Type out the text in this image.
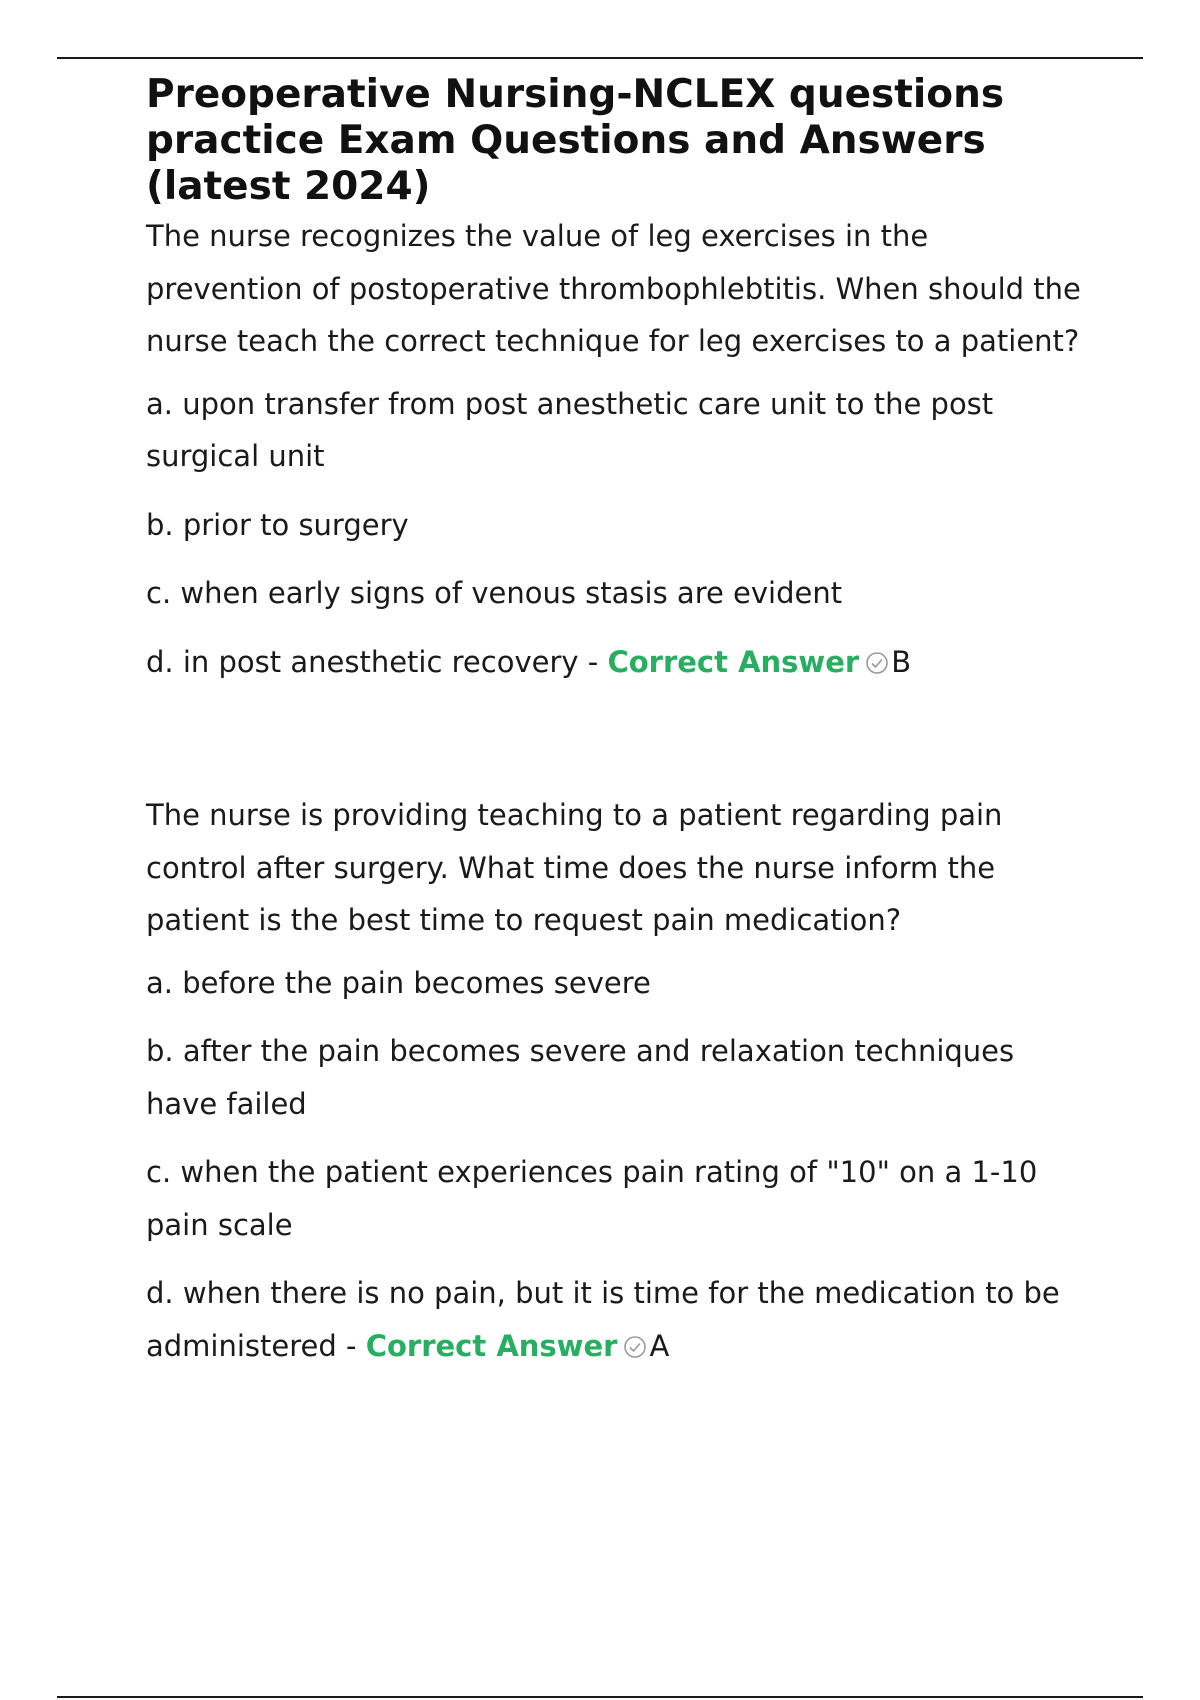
Preoperative Nursing-NCLEX questions practice Exam Questions and Answers (latest 2024)

The nurse recognizes the value of leg exercises in the prevention of postoperative thrombophlebtitis. When should the nurse teach the correct technique for leg exercises to a patient?

a. upon transfer from post anesthetic care unit to the post surgical unit

b. prior to surgery

c. when early signs of venous stasis are evident

d. in post anesthetic recovery - Correct Answer B

The nurse is providing teaching to a patient regarding pain control after surgery. What time does the nurse inform the patient is the best time to request pain medication?

a. before the pain becomes severe

b. after the pain becomes severe and relaxation techniques have failed

c. when the patient experiences pain rating of "10" on a 1-10 pain scale

d. when there is no pain, but it is time for the medication to be administered - Correct Answer A
